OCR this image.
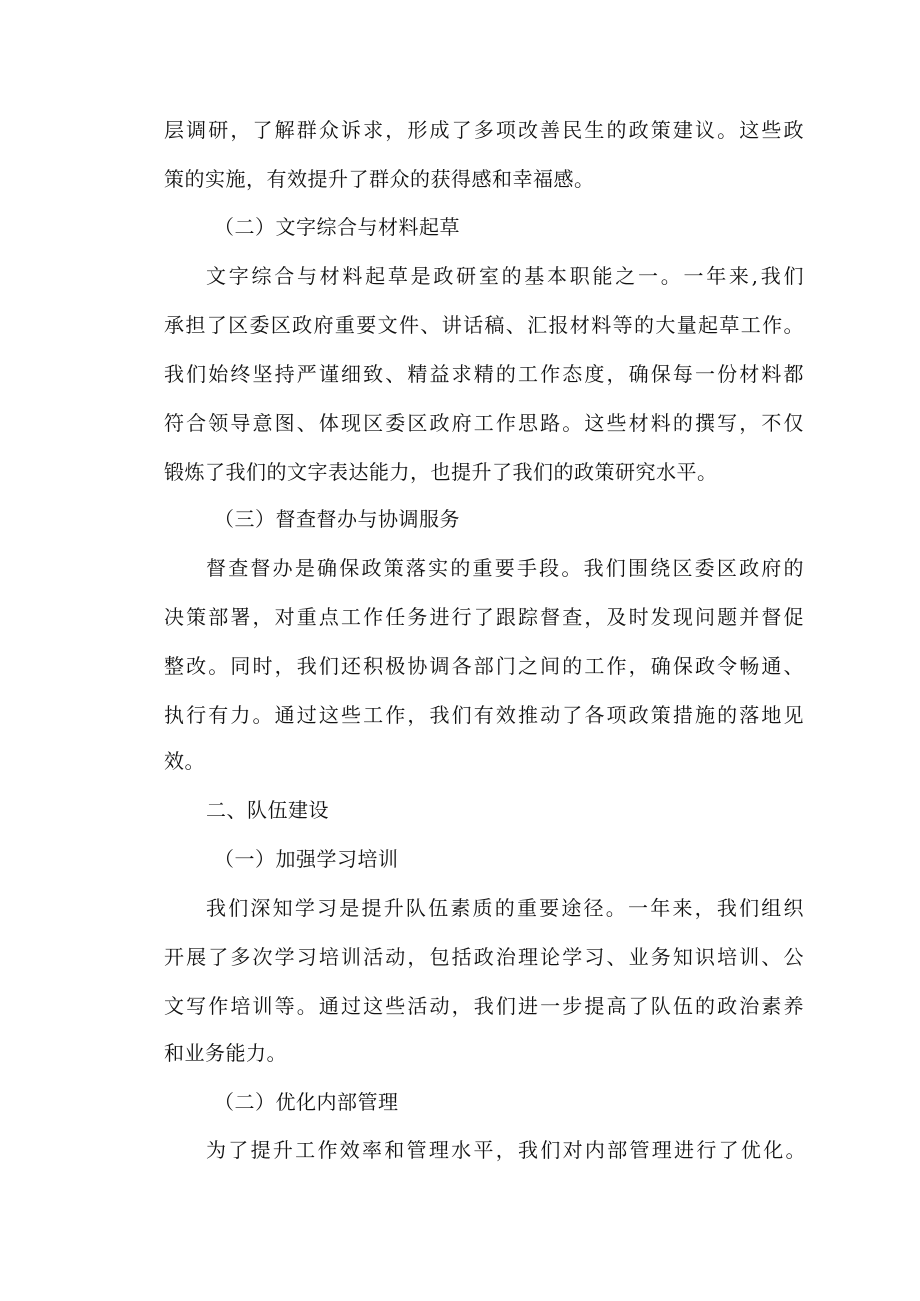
层调研，了解群众诉求，形成了多项改善民生的政策建议。这些政
策的实施，有效提升了群众的获得感和幸福感。
（二）文字综合与材料起草
文字综合与材料起草是政研室的基本职能之一。一年来,我们
承担了区委区政府重要文件、讲话稿、汇报材料等的大量起草工作。
我们始终坚持严谨细致、精益求精的工作态度，确保每一份材料都
符合领导意图、体现区委区政府工作思路。这些材料的撰写，不仅
锻炼了我们的文字表达能力，也提升了我们的政策研究水平。
（三）督查督办与协调服务
督查督办是确保政策落实的重要手段。我们围绕区委区政府的
决策部署，对重点工作任务进行了跟踪督查，及时发现问题并督促
整改。同时，我们还积极协调各部门之间的工作，确保政令畅通、
执行有力。通过这些工作，我们有效推动了各项政策措施的落地见
效。
二、队伍建设
（一）加强学习培训
我们深知学习是提升队伍素质的重要途径。一年来，我们组织
开展了多次学习培训活动，包括政治理论学习、业务知识培训、公
文写作培训等。通过这些活动，我们进一步提高了队伍的政治素养
和业务能力。
（二）优化内部管理
为了提升工作效率和管理水平，我们对内部管理进行了优化。
